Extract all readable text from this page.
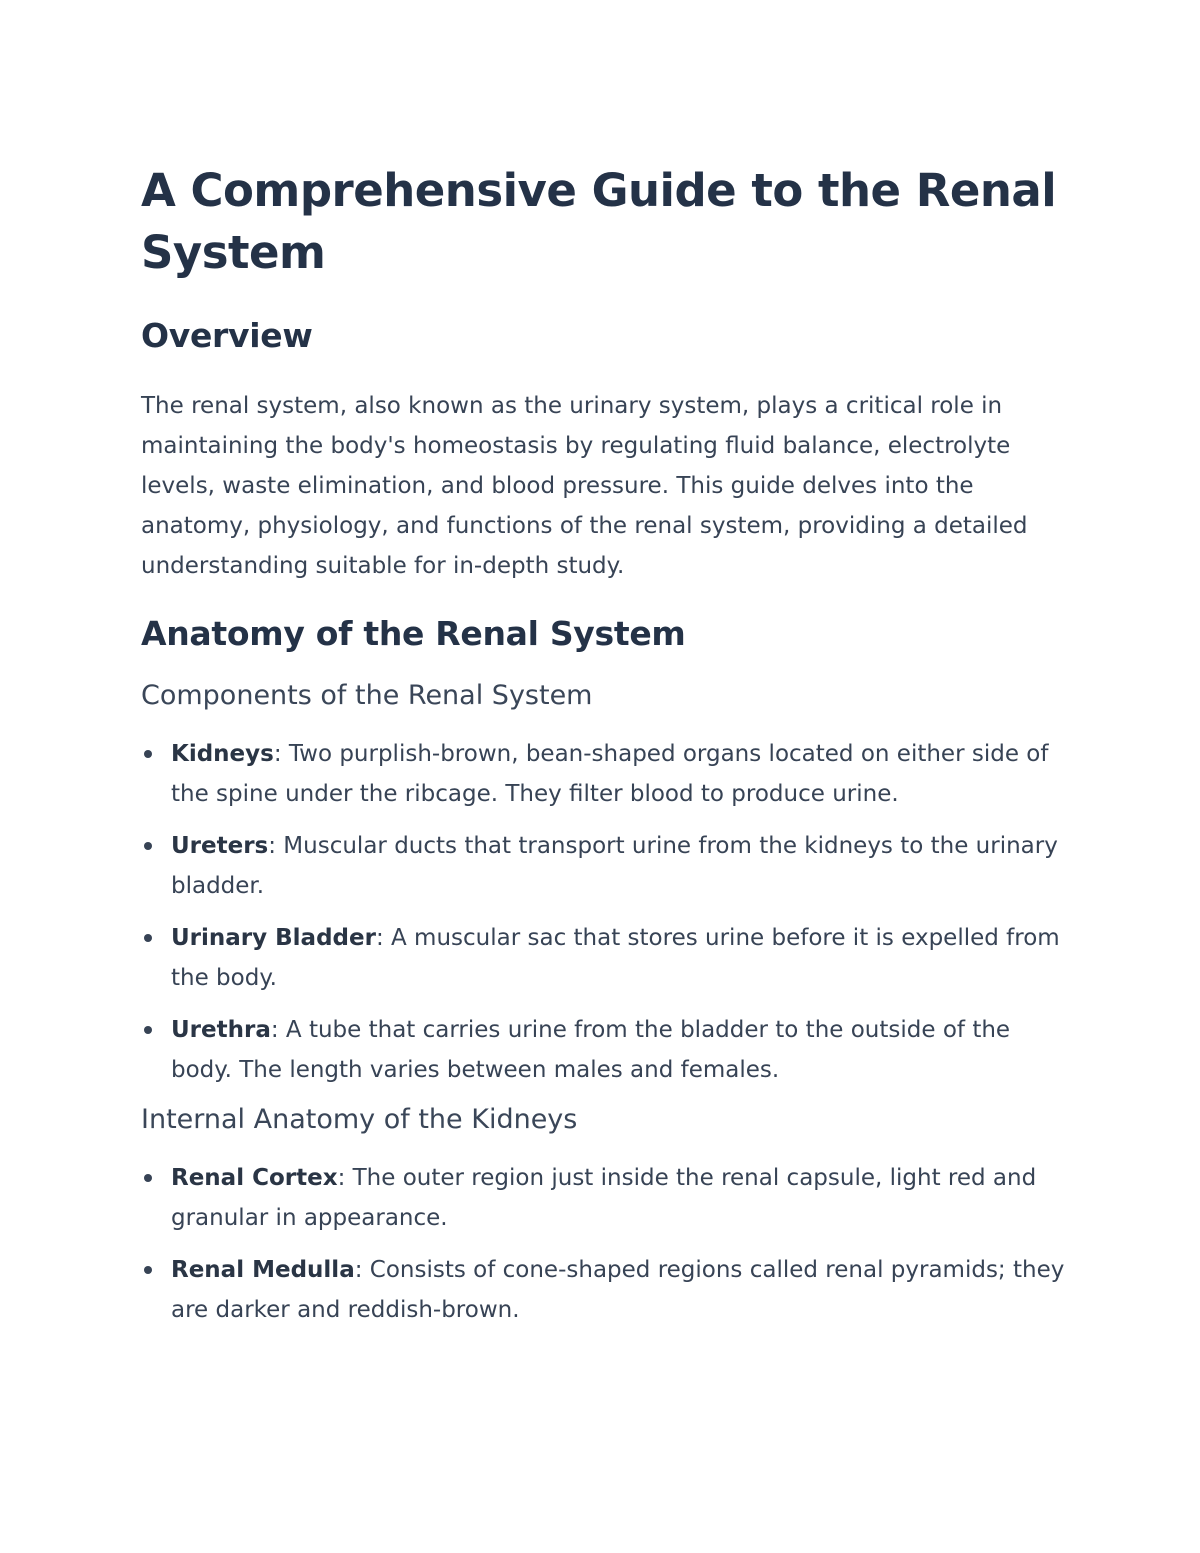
A Comprehensive Guide to the Renal System
Overview

The renal system, also known as the urinary system, plays a critical role in maintaining the body's homeostasis by regulating fluid balance, electrolyte levels, waste elimination, and blood pressure. This guide delves into the anatomy, physiology, and functions of the renal system, providing a detailed understanding suitable for in-depth study.

Anatomy of the Renal System
Components of the Renal System
Kidneys: Two purplish-brown, bean-shaped organs located on either side of the spine under the ribcage. They filter blood to produce urine.
Ureters: Muscular ducts that transport urine from the kidneys to the urinary bladder.
Urinary Bladder: A muscular sac that stores urine before it is expelled from the body.
Urethra: A tube that carries urine from the bladder to the outside of the body. The length varies between males and females.
Internal Anatomy of the Kidneys
Renal Cortex: The outer region just inside the renal capsule, light red and granular in appearance.
Renal Medulla: Consists of cone-shaped regions called renal pyramids; they are darker and reddish-brown.
